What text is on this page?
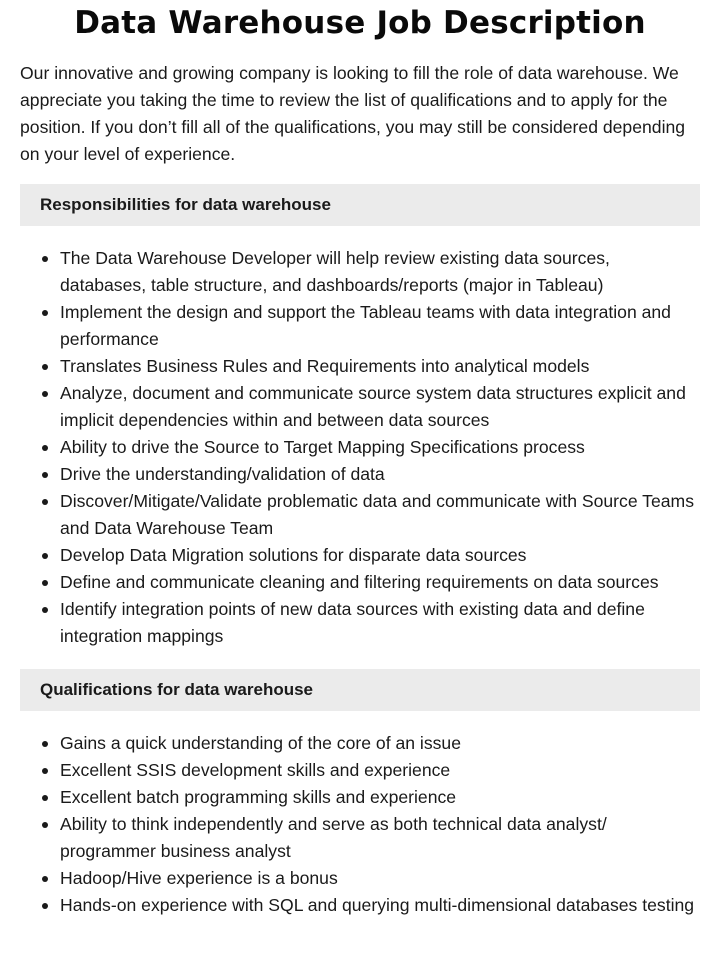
Data Warehouse Job Description

Our innovative and growing company is looking to fill the role of data warehouse. We appreciate you taking the time to review the list of qualifications and to apply for the position. If you don’t fill all of the qualifications, you may still be considered depending on your level of experience.

Responsibilities for data warehouse
The Data Warehouse Developer will help review existing data sources, databases, table structure, and dashboards/reports (major in Tableau)
Implement the design and support the Tableau teams with data integration and performance
Translates Business Rules and Requirements into analytical models
Analyze, document and communicate source system data structures explicit and implicit dependencies within and between data sources
Ability to drive the Source to Target Mapping Specifications process
Drive the understanding/validation of data
Discover/Mitigate/Validate problematic data and communicate with Source Teams and Data Warehouse Team
Develop Data Migration solutions for disparate data sources
Define and communicate cleaning and filtering requirements on data sources
Identify integration points of new data sources with existing data and define integration mappings
Qualifications for data warehouse
Gains a quick understanding of the core of an issue
Excellent SSIS development skills and experience
Excellent batch programming skills and experience
Ability to think independently and serve as both technical data analyst/ programmer business analyst
Hadoop/Hive experience is a bonus
Hands-on experience with SQL and querying multi-dimensional databases testing
